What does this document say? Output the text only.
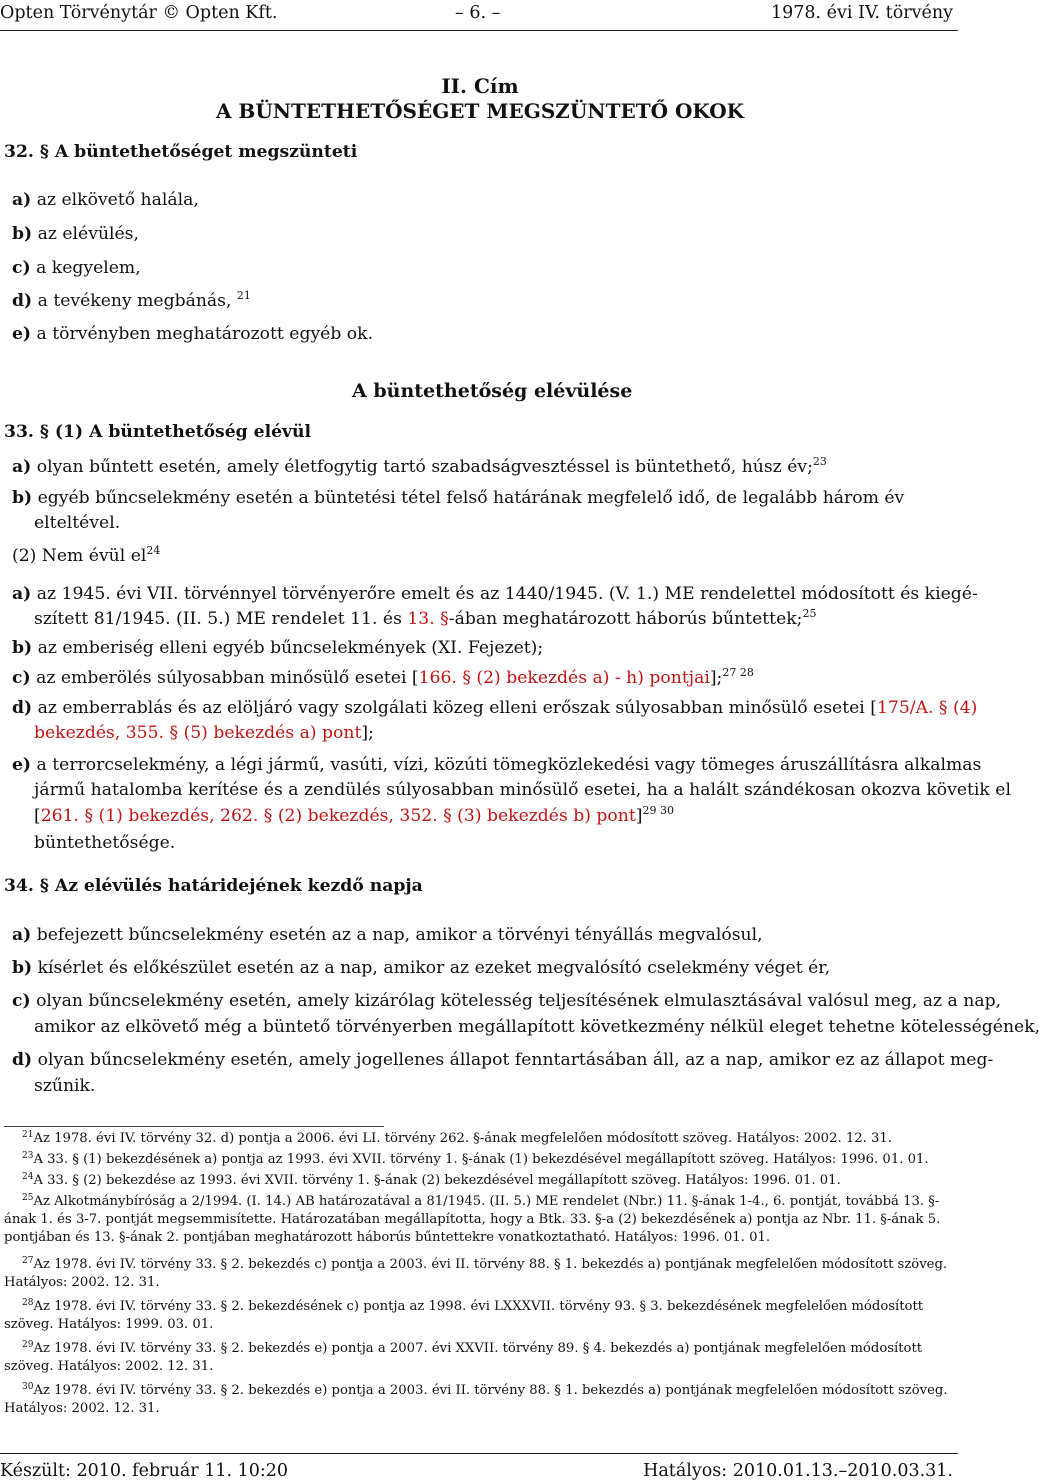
Opten Törvénytár © Opten Kft.	– 6. –	1978. évi IV. törvény
II. Cím
A BÜNTETHETŐSÉGET MEGSZÜNTETŐ OKOK
32. § A büntethetőséget megszünteti
a) az elkövető halála,
b) az elévülés,
c) a kegyelem,
d) a tevékeny megbánás, $^{21}$
e) a törvényben meghatározott egyéb ok.
A büntethetőség elévülése
33. § (1) A büntethetőség elévül
a) olyan bűntett esetén, amely életfogytig tartó szabadságvesztéssel is büntethető, húsz év;$^{23}$
b) egyéb bűncselekmény esetén a büntetési tétel felső határának megfelelő idő, de legalább három év
elteltével.
(2) Nem évül $el^{24}$
a) az 1945. évi VII. törvénnyel törvényerőre emelt és az 1440/1945. (V. 1.) ME rendelettel módosított és kiegé-
szített 81/1945. (II. 5.) ME rendelet 11. és 13. §-ában meghatározott háborús bűntettek;$^{25}$
b) az emberiség elleni egyéb bűncselekmények (XI. Fejezet);
c) az emberölés súlyosabban minősülő esetei [166. § (2) bekezdés a) - h) pontjai];$^{27 28}$
d) az emberrablás és az elöljáró vagy szolgálati közeg elleni erőszak súlyosabban minősülő esetei [175/A. § (4)
bekezdés, 355. § (5) bekezdés a) pont];
e) a terrorcselekmény, a légi jármű, vasúti, vízi, közúti tömegközlekedési vagy tömeges áruszállításra alkalmas
jármű hatalomba kerítése és a zendülés súlyosabban minősülő esetei, ha a halált szándékosan okozva követik el
[261. § (1) bekezdés, 262. § (2) bekezdés, 352. § (3) bekezdés b) pont]$^{29 30}$
büntethetősége.
34. § Az elévülés határidejének kezdő napja
a) befejezett bűncselekmény esetén az a nap, amikor a törvényi tényállás megvalósul,
b) kísérlet és előkészület esetén az a nap, amikor az ezeket megvalósító cselekmény véget ér,
c) olyan bűncselekmény esetén, amely kizárólag kötelesség teljesítésének elmulasztásával valósul meg, az a nap,
amikor az elkövető még a büntető törvényerben megállapított következmény nélkül eleget tehetne kötelességének,
d) olyan bűncselekmény esetén, amely jogellenes állapot fenntartásában áll, az a nap, amikor ez az állapot meg-
szűnik.
$^{21}$Az 1978. évi IV. törvény 32. d) pontja a 2006. évi LI. törvény 262. §-ának megfelelően módosított szöveg. Hatályos: 2002. 12. 31.
$^{23}$A 33. § (1) bekezdésének a) pontja az 1993. évi XVII. törvény 1. §-ának (1) bekezdésével megállapított szöveg. Hatályos: 1996. 01. 01.
$^{24}$A 33. § (2) bekezdése az 1993. évi XVII. törvény 1. §-ának (2) bekezdésével megállapított szöveg. Hatályos: 1996. 01. 01.
$^{25}$Az Alkotmánybíróság a 2/1994. (I. 14.) AB határozatával a 81/1945. (II. 5.) ME rendelet (Nbr.) 11. §-ának 1-4., 6. pontját, továbbá 13. §-ának 1. és 3-7. pontját megsemmisítette. Határozatában megállapította, hogy a Btk. 33. §-a (2) bekezdésének a) pontja az Nbr. 11. §-ának 5. pontjában és 13. §-ának 2. pontjában meghatározott háborús bűntettekre vonatkoztatható. Hatályos: 1996. 01. 01.
$^{27}$Az 1978. évi IV. törvény 33. § 2. bekezdés c) pontja a 2003. évi II. törvény 88. § 1. bekezdés a) pontjának megfelelően módosított szöveg. Hatályos: 2002. 12. 31.
$^{28}$Az 1978. évi IV. törvény 33. § 2. bekezdésének c) pontja az 1998. évi LXXXVII. törvény 93. § 3. bekezdésének megfelelően módosított szöveg. Hatályos: 1999. 03. 01.
$^{29}$Az 1978. évi IV. törvény 33. § 2. bekezdés e) pontja a 2007. évi XXVII. törvény 89. § 4. bekezdés a) pontjának megfelelően módosított szöveg. Hatályos: 2002. 12. 31.
$^{30}$Az 1978. évi IV. törvény 33. § 2. bekezdés e) pontja a 2003. évi II. törvény 88. § 1. bekezdés a) pontjának megfelelően módosított szöveg. Hatályos: 2002. 12. 31.
Készült: 2010. február 11. 10:20	Hatályos: 2010.01.13.–2010.03.31.
